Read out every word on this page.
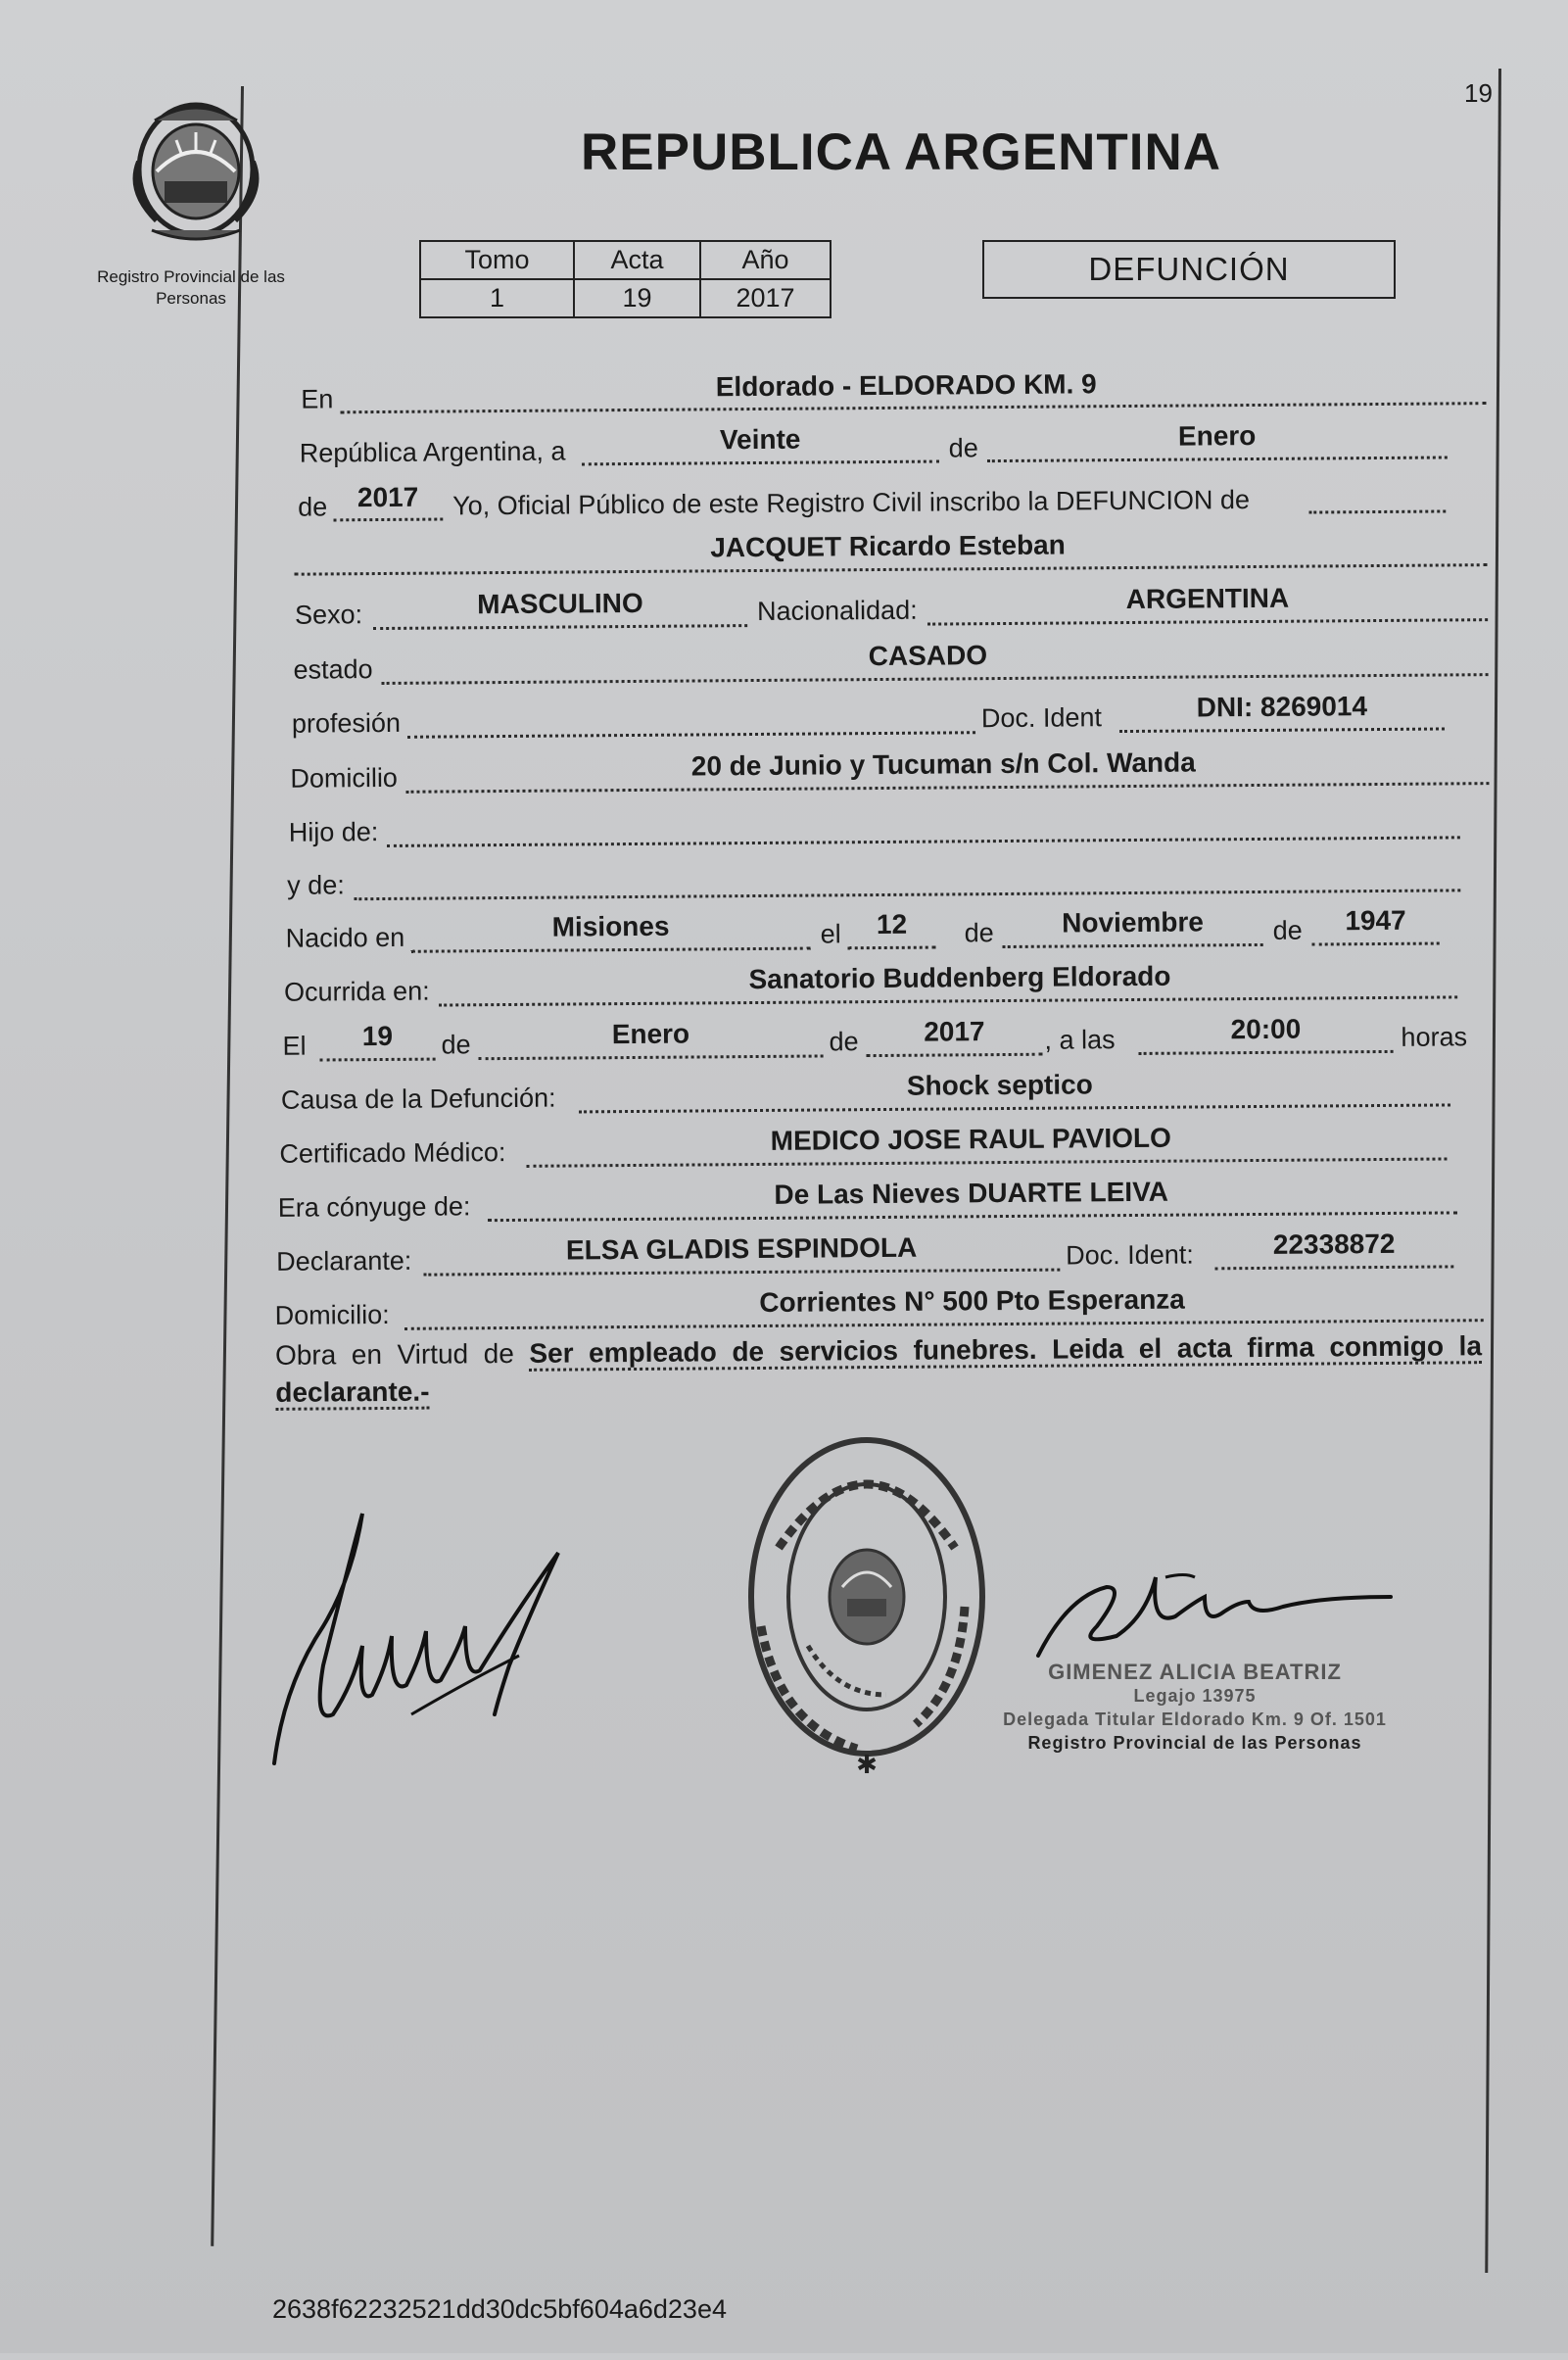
19
Registro Provincial de las Personas
REPUBLICA ARGENTINA
Tomo	Acta	Año
1	19	2017
DEFUNCIÓN
En	Eldorado - ELDORADO KM. 9
República Argentina, a	Veinte	de	Enero
de	2017	Yo, Oficial Público de este Registro Civil inscribo la DEFUNCION de
JACQUET Ricardo Esteban
Sexo:	MASCULINO	Nacionalidad:	ARGENTINA
estado	CASADO
profesión	Doc. Ident	DNI: 8269014
Domicilio	20 de Junio y Tucuman s/n Col. Wanda
Hijo de:
y de:
Nacido en	Misiones	el	12	de	Noviembre	de	1947
Ocurrida en:	Sanatorio Buddenberg Eldorado
El	19	de	Enero	de	2017	, a las	20:00	horas
Causa de la Defunción:	Shock septico
Certificado Médico:	MEDICO JOSE RAUL PAVIOLO
Era cónyuge de:	De Las Nieves DUARTE LEIVA
Declarante:	ELSA GLADIS ESPINDOLA	Doc. Ident:	22338872
Domicilio:	Corrientes N° 500 Pto Esperanza
Obra en Virtud de Ser empleado de servicios funebres. Leida el acta firma conmigo la declarante.-
✱
GIMENEZ ALICIA BEATRIZ
Legajo 13975
Delegada Titular Eldorado Km. 9 Of. 1501
Registro Provincial de las Personas
2638f62232521dd30dc5bf604a6d23e4
